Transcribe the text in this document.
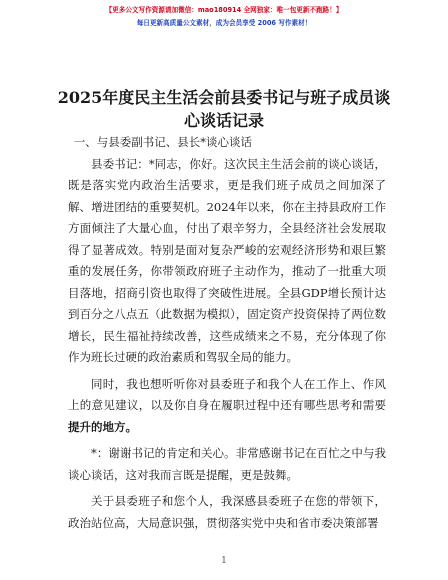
【更多公文写作资源请加微信：mao180914 全网独家：唯一包更新不跑路！】
每日更新高质量公文素材，成为会员享受 2006 写作素材！
2025年度民主生活会前县委书记与班子成员谈心谈话记录

一、与县委副书记、县长*谈心谈话

县委书记：*同志，你好。这次民主生活会前的谈心谈话，既是落实党内政治生活要求，更是我们班子成员之间加深了解、增进团结的重要契机。2024年以来，你在主持县政府工作方面倾注了大量心血，付出了艰辛努力，全县经济社会发展取得了显著成效。特别是面对复杂严峻的宏观经济形势和艰巨繁重的发展任务，你带领政府班子主动作为，推动了一批重大项目落地，招商引资也取得了突破性进展。全县GDP增长预计达到百分之八点五（此数据为模拟），固定资产投资保持了两位数增长，民生福祉持续改善，这些成绩来之不易，充分体现了你作为班长过硬的政治素质和驾驭全局的能力。

同时，我也想听听你对县委班子和我个人在工作上、作风上的意见建议，以及你自身在履职过程中还有哪些思考和需要提升的地方。

*：谢谢书记的肯定和关心。非常感谢书记在百忙之中与我谈心谈话，这对我而言既是提醒，更是鼓舞。

关于县委班子和您个人，我深感县委班子在您的带领下，政治站位高，大局意识强，贯彻落实党中央和省市委决策部署

1
